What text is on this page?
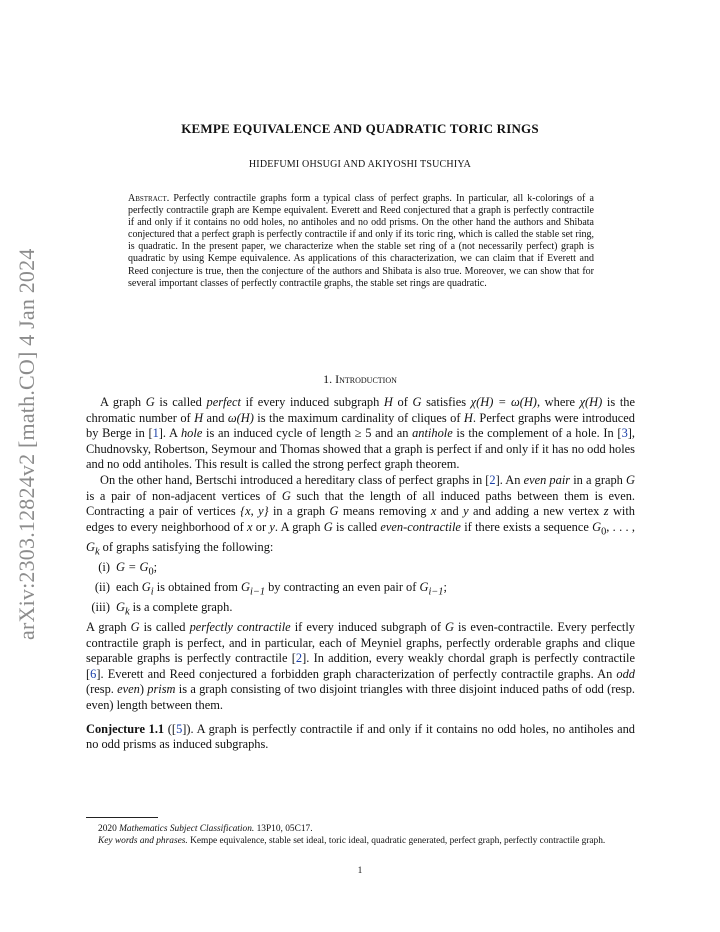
arXiv:2303.12824v2 [math.CO] 4 Jan 2024
KEMPE EQUIVALENCE AND QUADRATIC TORIC RINGS
HIDEFUMI OHSUGI AND AKIYOSHI TSUCHIYA
Abstract. Perfectly contractile graphs form a typical class of perfect graphs. In particular, all k-colorings of a perfectly contractile graph are Kempe equivalent. Everett and Reed conjectured that a graph is perfectly contractile if and only if it contains no odd holes, no antiholes and no odd prisms. On the other hand the authors and Shibata conjectured that a perfect graph is perfectly contractile if and only if its toric ring, which is called the stable set ring, is quadratic. In the present paper, we characterize when the stable set ring of a (not necessarily perfect) graph is quadratic by using Kempe equivalence. As applications of this characterization, we can claim that if Everett and Reed conjecture is true, then the conjecture of the authors and Shibata is also true. Moreover, we can show that for several important classes of perfectly contractile graphs, the stable set rings are quadratic.
1. Introduction

A graph G is called perfect if every induced subgraph H of G satisfies χ(H) = ω(H), where χ(H) is the chromatic number of H and ω(H) is the maximum cardinality of cliques of H. Perfect graphs were introduced by Berge in [1]. A hole is an induced cycle of length ≥ 5 and an antihole is the complement of a hole. In [3], Chudnovsky, Robertson, Seymour and Thomas showed that a graph is perfect if and only if it has no odd holes and no odd antiholes. This result is called the strong perfect graph theorem.

On the other hand, Bertschi introduced a hereditary class of perfect graphs in [2]. An even pair in a graph G is a pair of non-adjacent vertices of G such that the length of all induced paths between them is even. Contracting a pair of vertices {x, y} in a graph G means removing x and y and adding a new vertex z with edges to every neighborhood of x or y. A graph G is called even-contractile if there exists a sequence $G_0$, . . . , $G_k$ of graphs satisfying the following:

(i) $G = G_0$;
(ii) each $G_i$ is obtained from $G_{i-1}$ by contracting an even pair of $G_{i-1}$;
(iii) $G_k$ is a complete graph.

A graph G is called perfectly contractile if every induced subgraph of G is even-contractile. Every perfectly contractile graph is perfect, and in particular, each of Meyniel graphs, perfectly orderable graphs and clique separable graphs is perfectly contractile [2]. In addition, every weakly chordal graph is perfectly contractile [6]. Everett and Reed conjectured a forbidden graph characterization of perfectly contractile graphs. An odd (resp. even) prism is a graph consisting of two disjoint triangles with three disjoint induced paths of odd (resp. even) length between them.

Conjecture 1.1 ([5]). A graph is perfectly contractile if and only if it contains no odd holes, no antiholes and no odd prisms as induced subgraphs.

2020 Mathematics Subject Classification. 13P10, 05C17.

Key words and phrases. Kempe equivalence, stable set ideal, toric ideal, quadratic generated, perfect graph, perfectly contractile graph.

1
